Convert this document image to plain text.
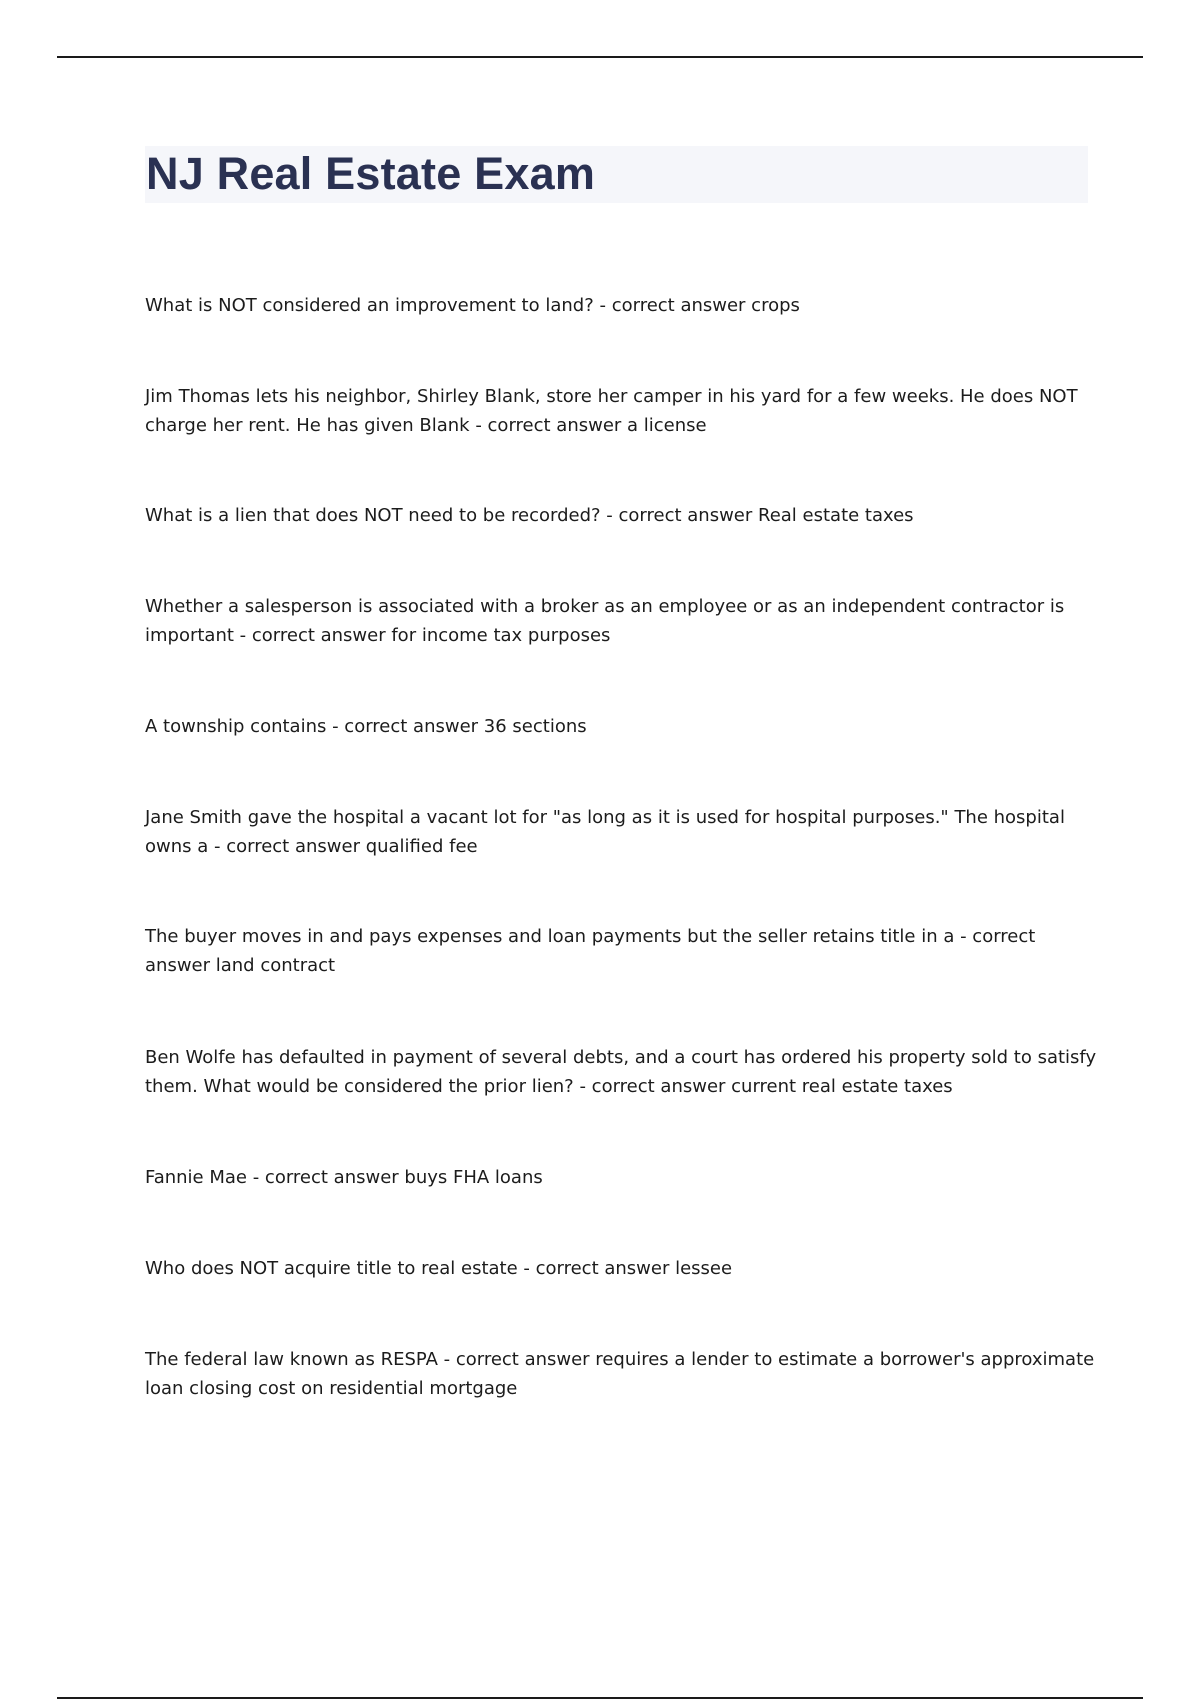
NJ Real Estate Exam

What is NOT considered an improvement to land? - correct answer crops

Jim Thomas lets his neighbor, Shirley Blank, store her camper in his yard for a few weeks. He does NOT charge her rent. He has given Blank - correct answer a license

What is a lien that does NOT need to be recorded? - correct answer Real estate taxes

Whether a salesperson is associated with a broker as an employee or as an independent contractor is important - correct answer for income tax purposes

A township contains - correct answer 36 sections

Jane Smith gave the hospital a vacant lot for "as long as it is used for hospital purposes." The hospital owns a - correct answer qualified fee

The buyer moves in and pays expenses and loan payments but the seller retains title in a - correct answer land contract

Ben Wolfe has defaulted in payment of several debts, and a court has ordered his property sold to satisfy them. What would be considered the prior lien? - correct answer current real estate taxes

Fannie Mae - correct answer buys FHA loans

Who does NOT acquire title to real estate - correct answer lessee

The federal law known as RESPA - correct answer requires a lender to estimate a borrower's approximate loan closing cost on residential mortgage
